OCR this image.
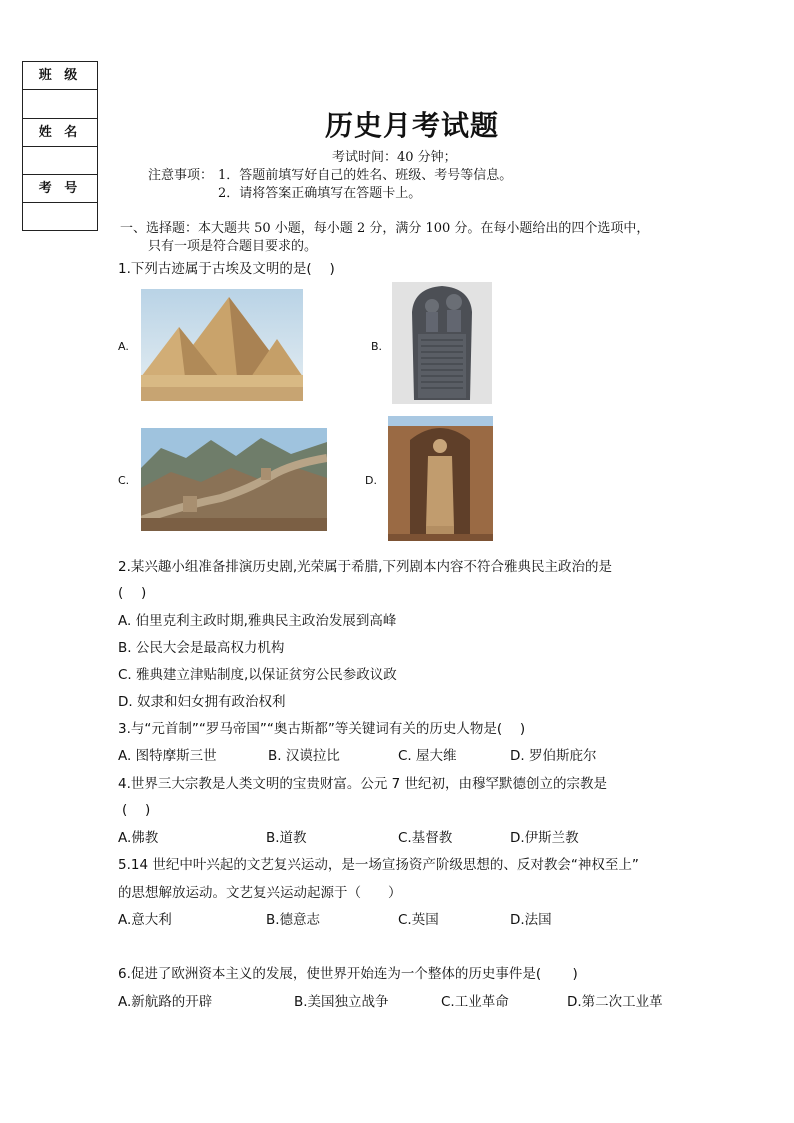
班 级
姓 名
考 号
历史月考试题
考试时间：40 分钟；
注意事项： 1．答题前填写好自己的姓名、班级、考号等信息。
2．请将答案正确填写在答题卡上。
一、选择题：本大题共 50 小题，每小题 2 分，满分 100 分。在每小题给出的四个选项中，
只有一项是符合题目要求的。
1.下列古迹属于古埃及文明的是(　 )
A.	B.
C.	D.
2.某兴趣小组准备排演历史剧,光荣属于希腊,下列剧本内容不符合雅典民主政治的是
(　 )
A. 伯里克利主政时期,雅典民主政治发展到高峰
B. 公民大会是最高权力机构
C. 雅典建立津贴制度,以保证贫穷公民参政议政
D. 奴隶和妇女拥有政治权利
3.与“元首制”“罗马帝国”“奥古斯都”等关键词有关的历史人物是(　 )
A. 图特摩斯三世	B. 汉谟拉比	C. 屋大维	D. 罗伯斯庇尔
4.世界三大宗教是人类文明的宝贵财富。公元 7 世纪初，由穆罕默德创立的宗教是
(　 )
A.佛教	B.道教	C.基督教	D.伊斯兰教
5.14 世纪中叶兴起的文艺复兴运动，是一场宣扬资产阶级思想的、反对教会“神权至上”
的思想解放运动。文艺复兴运动起源于（　　）
A.意大利	B.德意志	C.英国	D.法国
6.促进了欧洲资本主义的发展，使世界开始连为一个整体的历史事件是(　　 )
A.新航路的开辟	B.美国独立战争	C.工业革命	D.第二次工业革
